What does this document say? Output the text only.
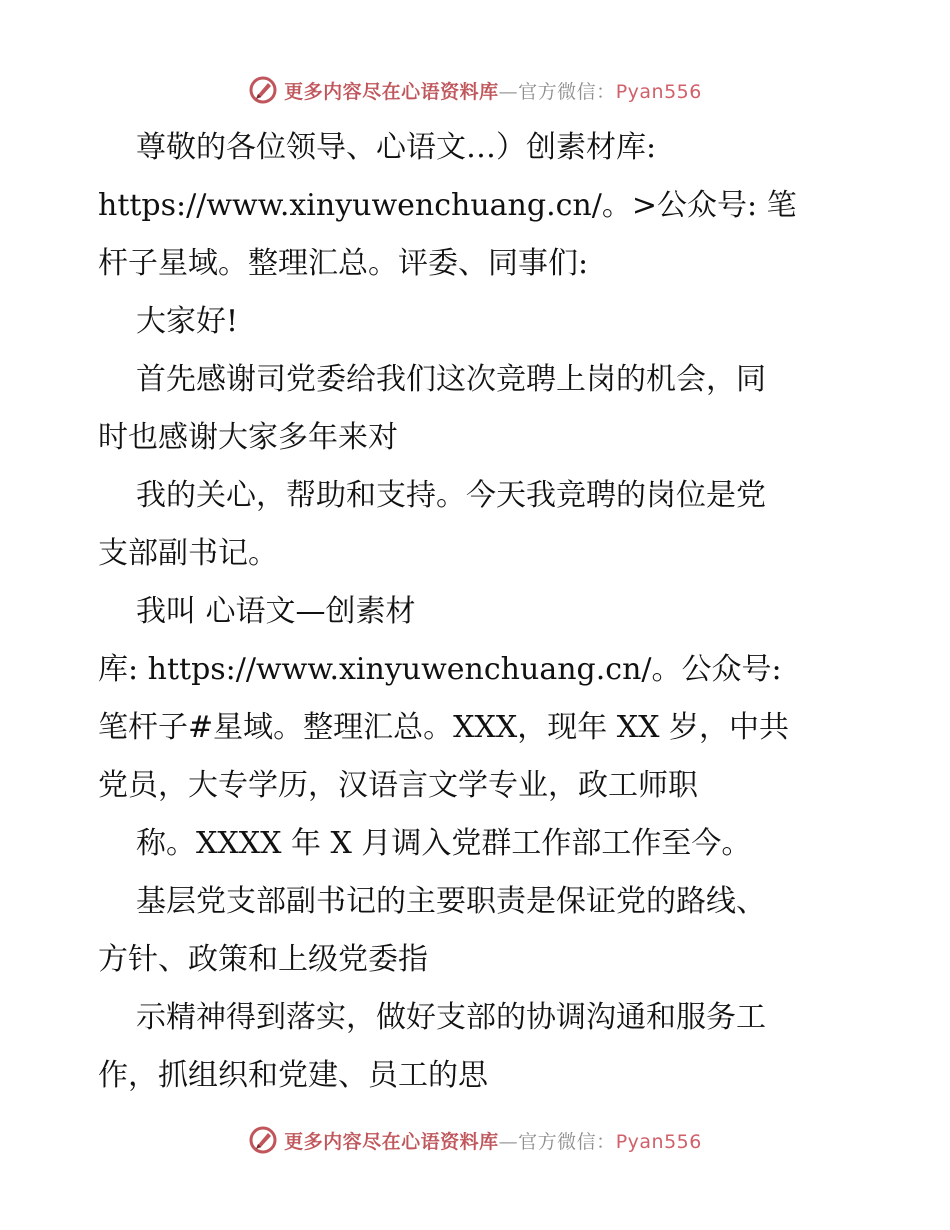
更多内容尽在心语资料库—官方微信：Pyan556

尊敬的各位领导、心语文…）创素材库:

https://www.xinyuwenchuang.cn/。>公众号: 笔

杆子星域。整理汇总。评委、同事们:

大家好!

首先感谢司党委给我们这次竞聘上岗的机会，同

时也感谢大家多年来对

我的关心，帮助和支持。今天我竞聘的岗位是党

支部副书记。

我叫 心语文—创素材

库: https://www.xinyuwenchuang.cn/。公众号:

笔杆子#星域。整理汇总。XXX，现年 XX 岁，中共

党员，大专学历，汉语言文学专业，政工师职

称。XXXX 年 X 月调入党群工作部工作至今。

基层党支部副书记的主要职责是保证党的路线、

方针、政策和上级党委指

示精神得到落实，做好支部的协调沟通和服务工

作，抓组织和党建、员工的思

更多内容尽在心语资料库—官方微信：Pyan556
